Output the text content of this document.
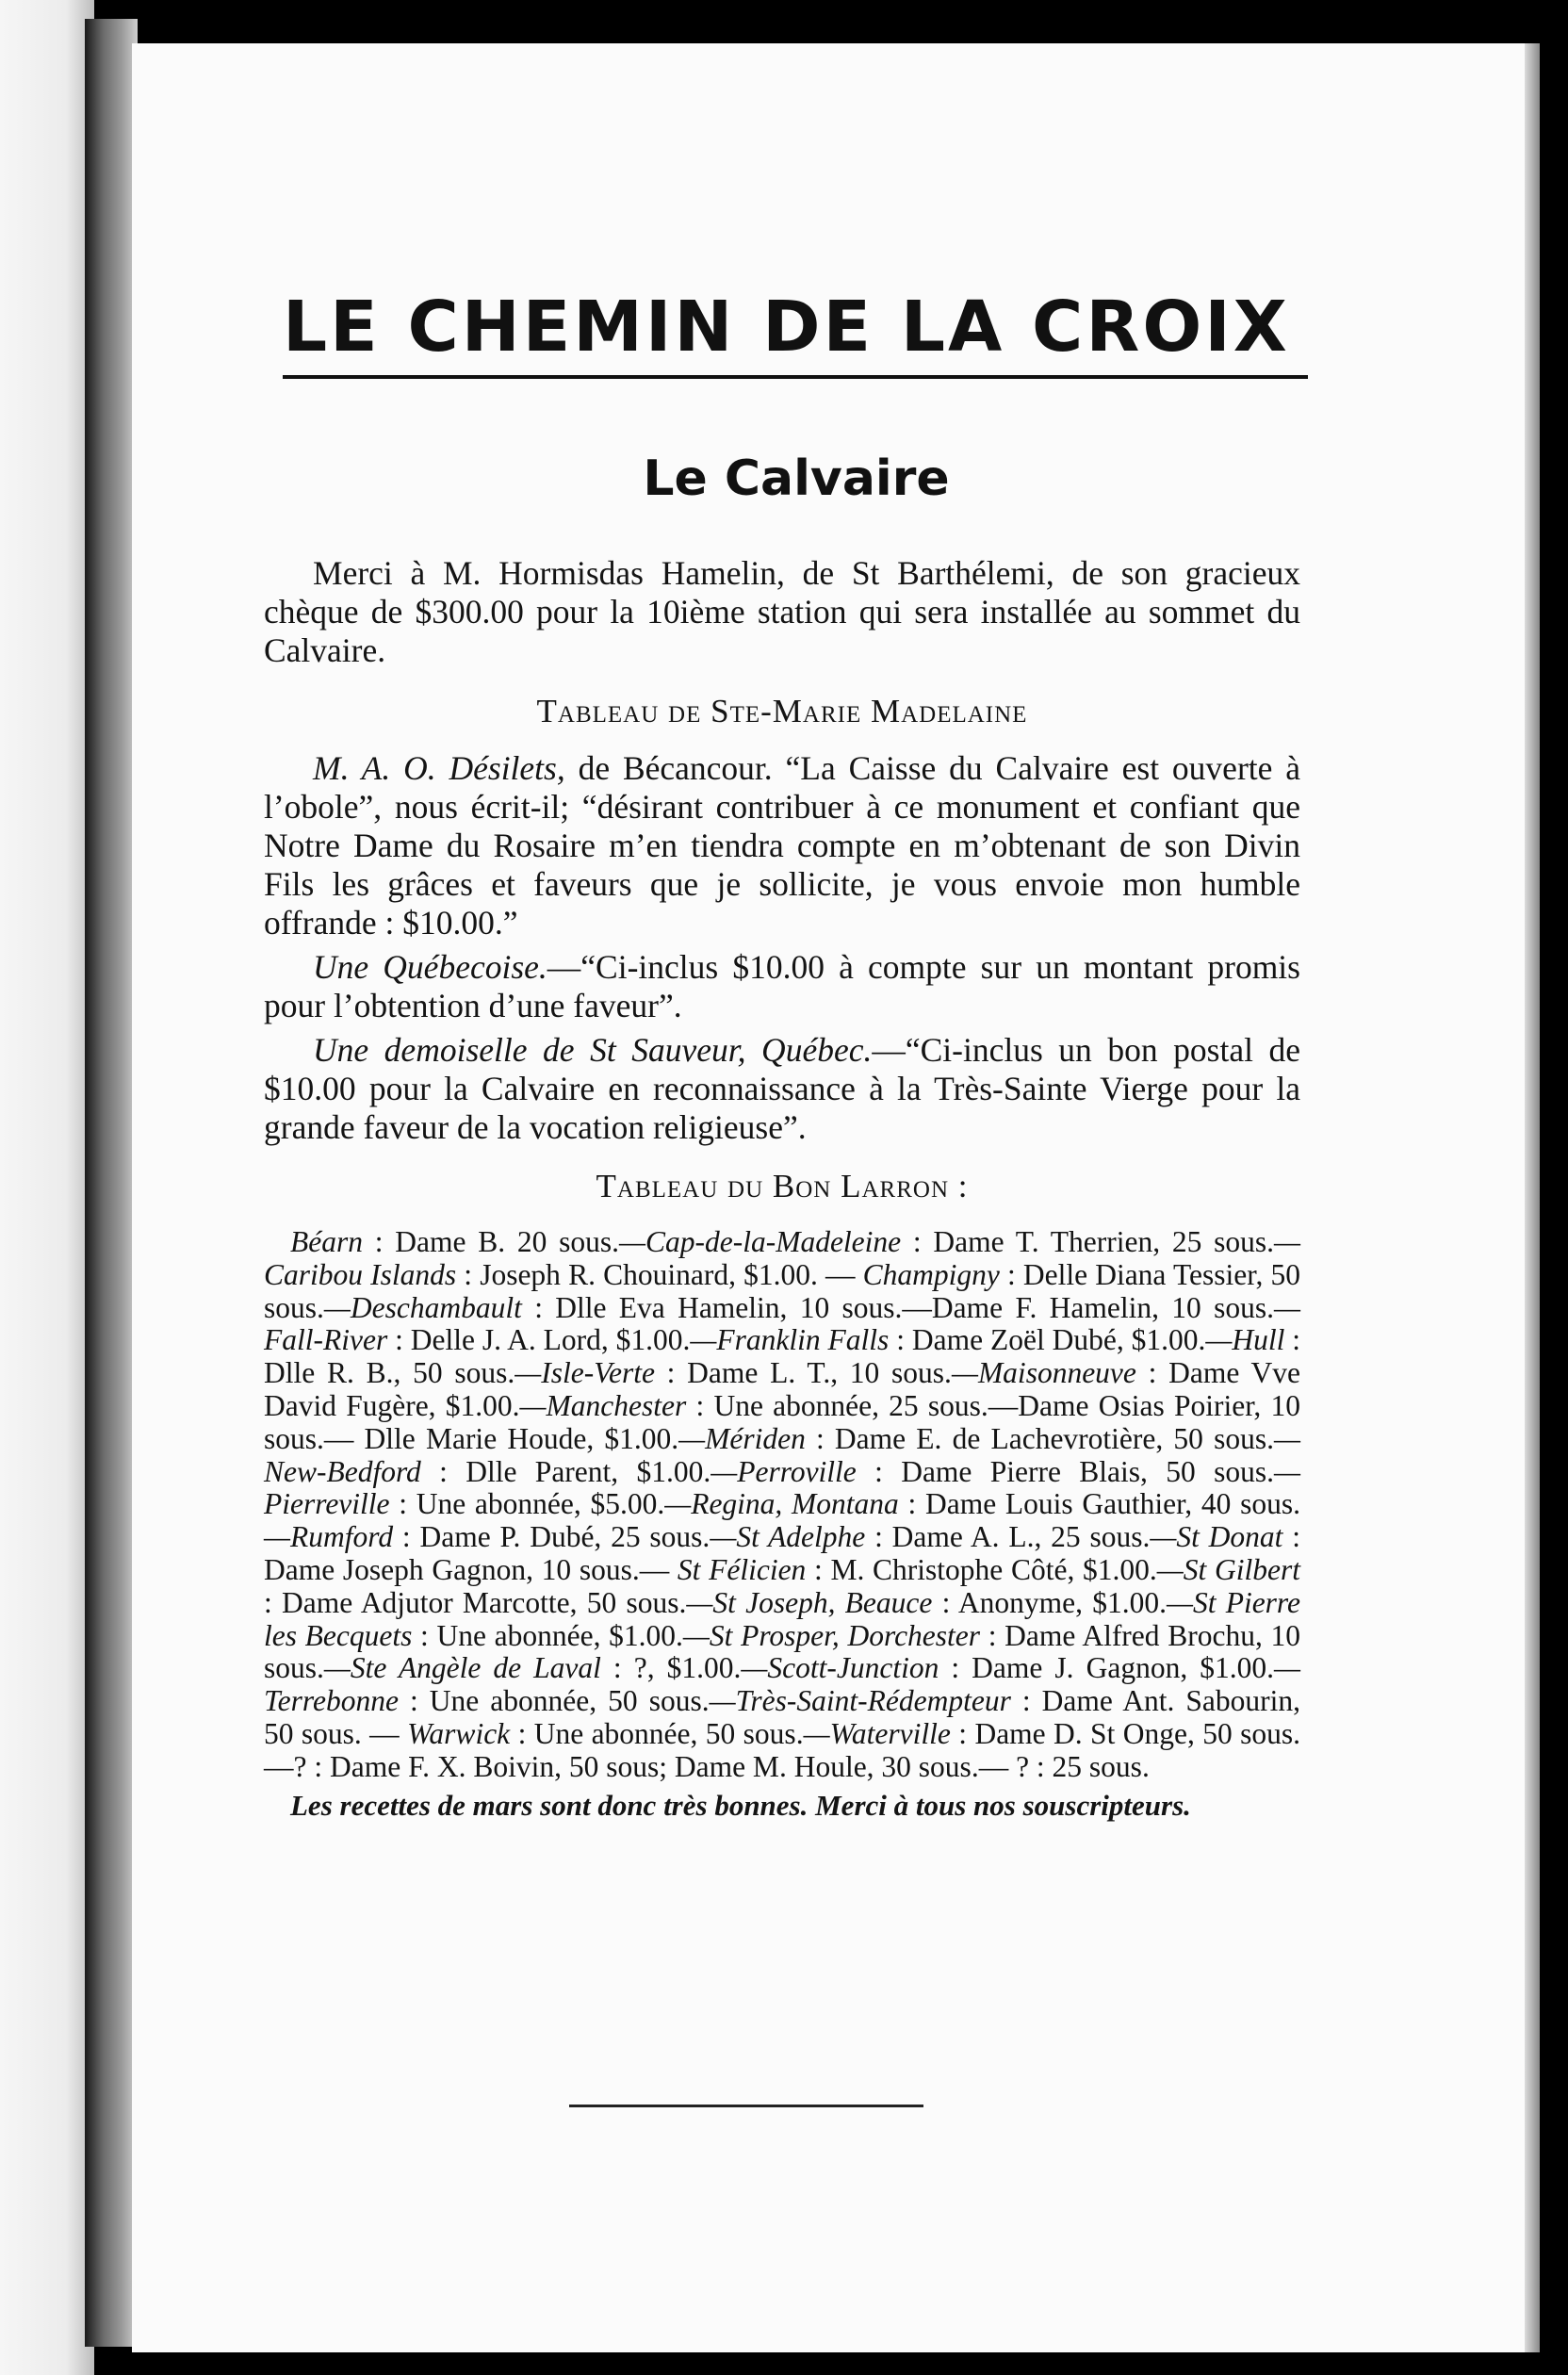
LE CHEMIN DE LA CROIX
Le Calvaire

Merci à M. Hormisdas Hamelin, de St Barthélemi, de son gracieux chèque de $300.00 pour la 10ième station qui sera installée au sommet du Calvaire.

Tableau de Ste-Marie Madelaine

M. A. O. Désilets, de Bécancour. “La Caisse du Calvaire est ouverte à l’obole”, nous écrit-il; “désirant contribuer à ce monument et confiant que Notre Dame du Rosaire m’en tiendra compte en m’obtenant de son Divin Fils les grâces et faveurs que je sollicite, je vous envoie mon humble offrande : $10.00.”

Une Québecoise.—“Ci-inclus $10.00 à compte sur un montant promis pour l’obtention d’une faveur”.

Une demoiselle de St Sauveur, Québec.—“Ci-inclus un bon postal de $10.00 pour la Calvaire en reconnaissance à la Très-Sainte Vierge pour la grande faveur de la vocation religieuse”.

Tableau du Bon Larron :

Béarn : Dame B. 20 sous.—Cap-de-la-Madeleine : Dame T. Therrien, 25 sous.—Caribou Islands : Joseph R. Chouinard, $1.00. — Champigny : Delle Diana Tessier, 50 sous.—Deschambault : Dlle Eva Hamelin, 10 sous.—Dame F. Hamelin, 10 sous.—Fall-River : Delle J. A. Lord, $1.00.—Franklin Falls : Dame Zoël Dubé, $1.00.—Hull : Dlle R. B., 50 sous.—Isle-Verte : Dame L. T., 10 sous.—Maisonneuve : Dame Vve David Fugère, $1.00.—Manchester : Une abonnée, 25 sous.—Dame Osias Poirier, 10 sous.— Dlle Marie Houde, $1.00.—Mériden : Dame E. de Lachevrotière, 50 sous.—New-Bedford : Dlle Parent, $1.00.—Perroville : Dame Pierre Blais, 50 sous.—Pierreville : Une abonnée, $5.00.—Regina, Montana : Dame Louis Gauthier, 40 sous.—Rumford : Dame P. Dubé, 25 sous.—St Adelphe : Dame A. L., 25 sous.—St Donat : Dame Joseph Gagnon, 10 sous.— St Félicien : M. Christophe Côté, $1.00.—St Gilbert : Dame Adjutor Marcotte, 50 sous.—St Joseph, Beauce : Anonyme, $1.00.—St Pierre les Becquets : Une abonnée, $1.00.—St Prosper, Dorchester : Dame Alfred Brochu, 10 sous.—Ste Angèle de Laval : ?, $1.00.—Scott-Junction : Dame J. Gagnon, $1.00.—Terrebonne : Une abonnée, 50 sous.—Très-Saint-Rédempteur : Dame Ant. Sabourin, 50 sous. — Warwick : Une abonnée, 50 sous.—Waterville : Dame D. St Onge, 50 sous.—? : Dame F. X. Boivin, 50 sous; Dame M. Houle, 30 sous.— ? : 25 sous.

Les recettes de mars sont donc très bonnes. Merci à tous nos souscripteurs.
